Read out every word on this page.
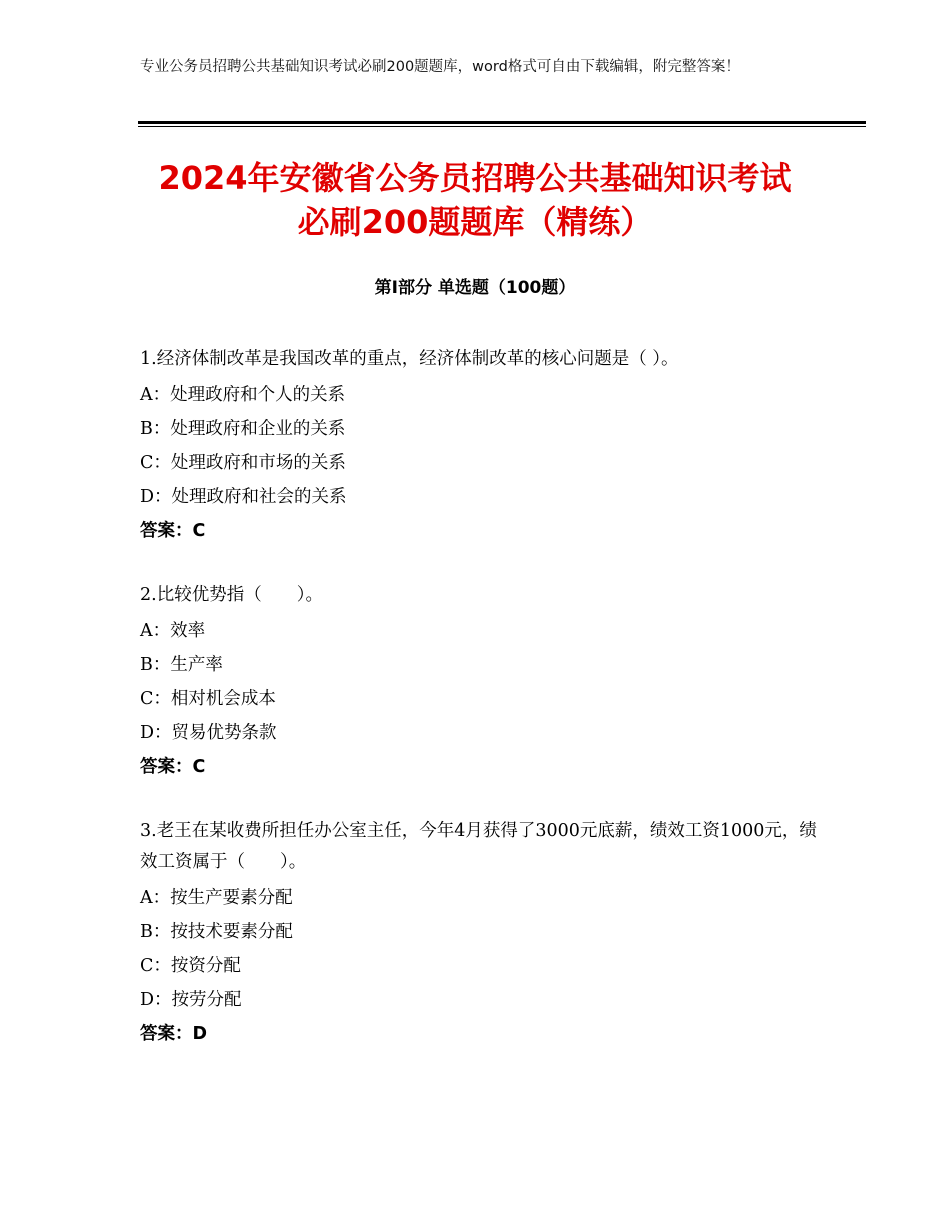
专业公务员招聘公共基础知识考试必刷200题题库，word格式可自由下载编辑，附完整答案！
2024年安徽省公务员招聘公共基础知识考试
必刷200题题库（精练）
第Ⅰ部分 单选题（100题）
1.经济体制改革是我国改革的重点，经济体制改革的核心问题是（ ）。
A：处理政府和个人的关系
B：处理政府和企业的关系
C：处理政府和市场的关系
D：处理政府和社会的关系
答案：C
2.比较优势指（　　）。
A：效率
B：生产率
C：相对机会成本
D：贸易优势条款
答案：C
3.老王在某收费所担任办公室主任，今年4月获得了3000元底薪，绩效工资1000元，绩效工资属于（　　）。
A：按生产要素分配
B：按技术要素分配
C：按资分配
D：按劳分配
答案：D
